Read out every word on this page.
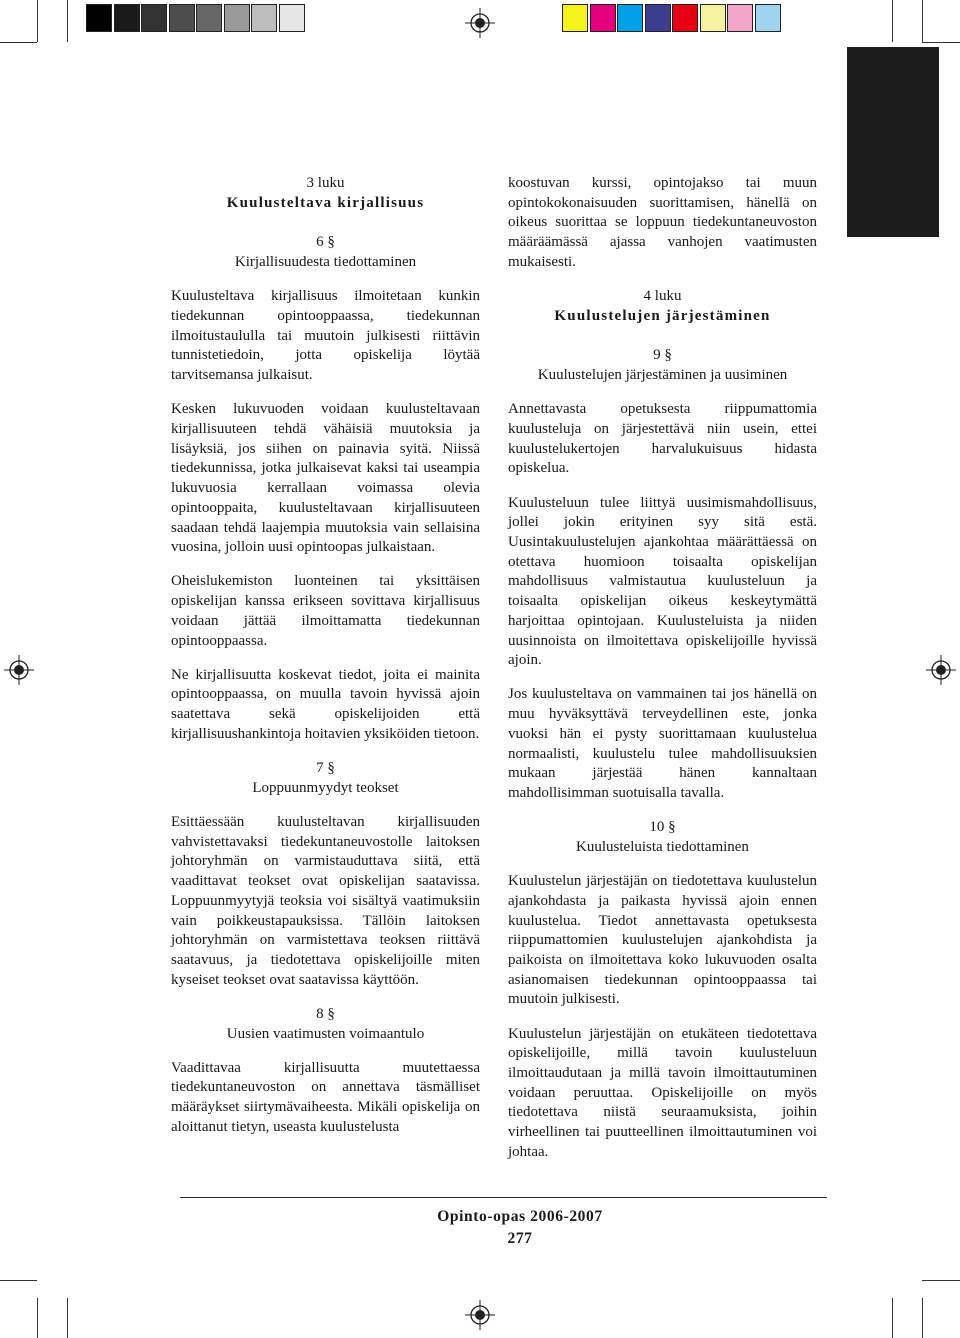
3 luku
Kuulusteltava kirjallisuus
6 §
Kirjallisuudesta tiedottaminen

Kuulusteltava kirjallisuus ilmoitetaan kunkin tiedekunnan opintooppaassa, tiedekunnan ilmoitustaululla tai muutoin julkisesti riittävin tunnistetiedoin, jotta opiskelija löytää tarvitsemansa julkaisut.

Kesken lukuvuoden voidaan kuulusteltavaan kirjallisuuteen tehdä vähäisiä muutoksia ja lisäyksiä, jos siihen on painavia syitä. Niissä tiedekunnissa, jotka julkaisevat kaksi tai useampia lukuvuosia kerrallaan voimassa olevia opintooppaita, kuulusteltavaan kirjallisuuteen saadaan tehdä laajempia muutoksia vain sellaisina vuosina, jolloin uusi opintoopas julkaistaan.

Oheislukemiston luonteinen tai yksittäisen opiskelijan kanssa erikseen sovittava kirjallisuus voidaan jättää ilmoittamatta tiedekunnan opintooppaassa.

Ne kirjallisuutta koskevat tiedot, joita ei mainita opintooppaassa, on muulla tavoin hyvissä ajoin saatettava sekä opiskelijoiden että kirjallisuushankintoja hoitavien yksiköiden tietoon.

7 §
Loppuunmyydyt teokset

Esittäessään kuulusteltavan kirjallisuuden vahvistettavaksi tiedekuntaneuvostolle laitoksen johtoryhmän on varmistauduttava siitä, että vaadittavat teokset ovat opiskelijan saatavissa. Loppuunmyytyjä teoksia voi sisältyä vaatimuksiin vain poikkeustapauksissa. Tällöin laitoksen johtoryhmän on varmistettava teoksen riittävä saatavuus, ja tiedotettava opiskelijoille miten kyseiset teokset ovat saatavissa käyttöön.

8 §
Uusien vaatimusten voimaantulo

Vaadittavaa kirjallisuutta muutettaessa tiedekuntaneuvoston on annettava täsmälliset määräykset siirtymävaiheesta. Mikäli opiskelija on aloittanut tietyn, useasta kuulustelusta

koostuvan kurssi, opintojakso tai muun opintokokonaisuuden suorittamisen, hänellä on oikeus suorittaa se loppuun tiedekuntaneuvoston määräämässä ajassa vanhojen vaatimusten mukaisesti.

4 luku
Kuulustelujen järjestäminen
9 §
Kuulustelujen järjestäminen ja uusiminen

Annettavasta opetuksesta riippumattomia kuulusteluja on järjestettävä niin usein, ettei kuulustelukertojen harvalukuisuus hidasta opiskelua.

Kuulusteluun tulee liittyä uusimismahdollisuus, jollei jokin erityinen syy sitä estä. Uusintakuulustelujen ajankohtaa määrättäessä on otettava huomioon toisaalta opiskelijan mahdollisuus valmistautua kuulusteluun ja toisaalta opiskelijan oikeus keskeytymättä harjoittaa opintojaan. Kuulusteluista ja niiden uusinnoista on ilmoitettava opiskelijoille hyvissä ajoin.

Jos kuulusteltava on vammainen tai jos hänellä on muu hyväksyttävä terveydellinen este, jonka vuoksi hän ei pysty suorittamaan kuulustelua normaalisti, kuulustelu tulee mahdollisuuksien mukaan järjestää hänen kannaltaan mahdollisimman suotuisalla tavalla.

10 §
Kuulusteluista tiedottaminen

Kuulustelun järjestäjän on tiedotettava kuulustelun ajankohdasta ja paikasta hyvissä ajoin ennen kuulustelua. Tiedot annettavasta opetuksesta riippumattomien kuulustelujen ajankohdista ja paikoista on ilmoitettava koko lukuvuoden osalta asianomaisen tiedekunnan opintooppaassa tai muutoin julkisesti.

Kuulustelun järjestäjän on etukäteen tiedotettava opiskelijoille, millä tavoin kuulusteluun ilmoittaudutaan ja millä tavoin ilmoittautuminen voidaan peruuttaa. Opiskelijoille on myös tiedotettava niistä seuraamuksista, joihin virheellinen tai puutteellinen ilmoittautuminen voi johtaa.

Opinto-opas 2006-2007
277
